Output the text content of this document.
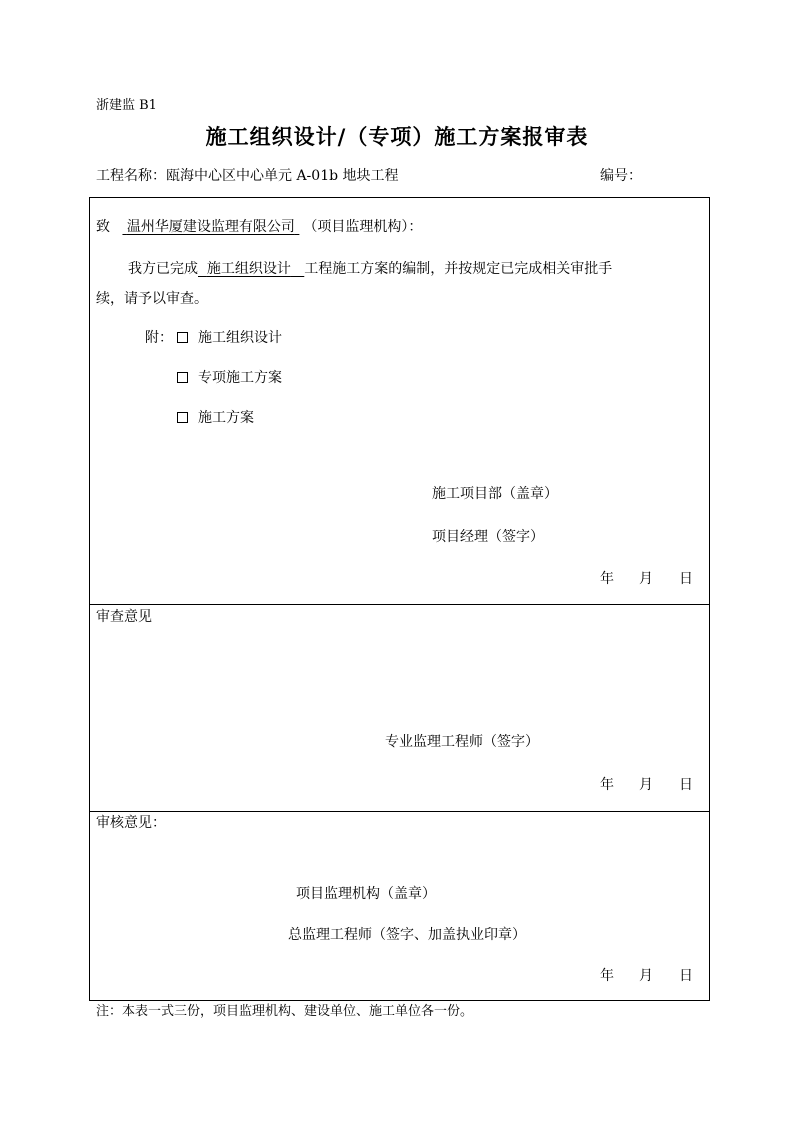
浙建监 B1
施工组织设计/（专项）施工方案报审表
工程名称：瓯海中心区中心单元 A-01b 地块工程	编号：
致 温州华厦建设监理有限公司 （项目监理机构）：
我方已完成 施工组织设计 工程施工方案的编制，并按规定已完成相关审批手
续，请予以审查。
附：	施工组织设计
专项施工方案
施工方案
施工项目部（盖章）
项目经理（签字）
年 月 日
审查意见
专业监理工程师（签字）
年 月 日
审核意见：
项目监理机构（盖章）
总监理工程师（签字、加盖执业印章）
年 月 日
注：本表一式三份，项目监理机构、建设单位、施工单位各一份。
